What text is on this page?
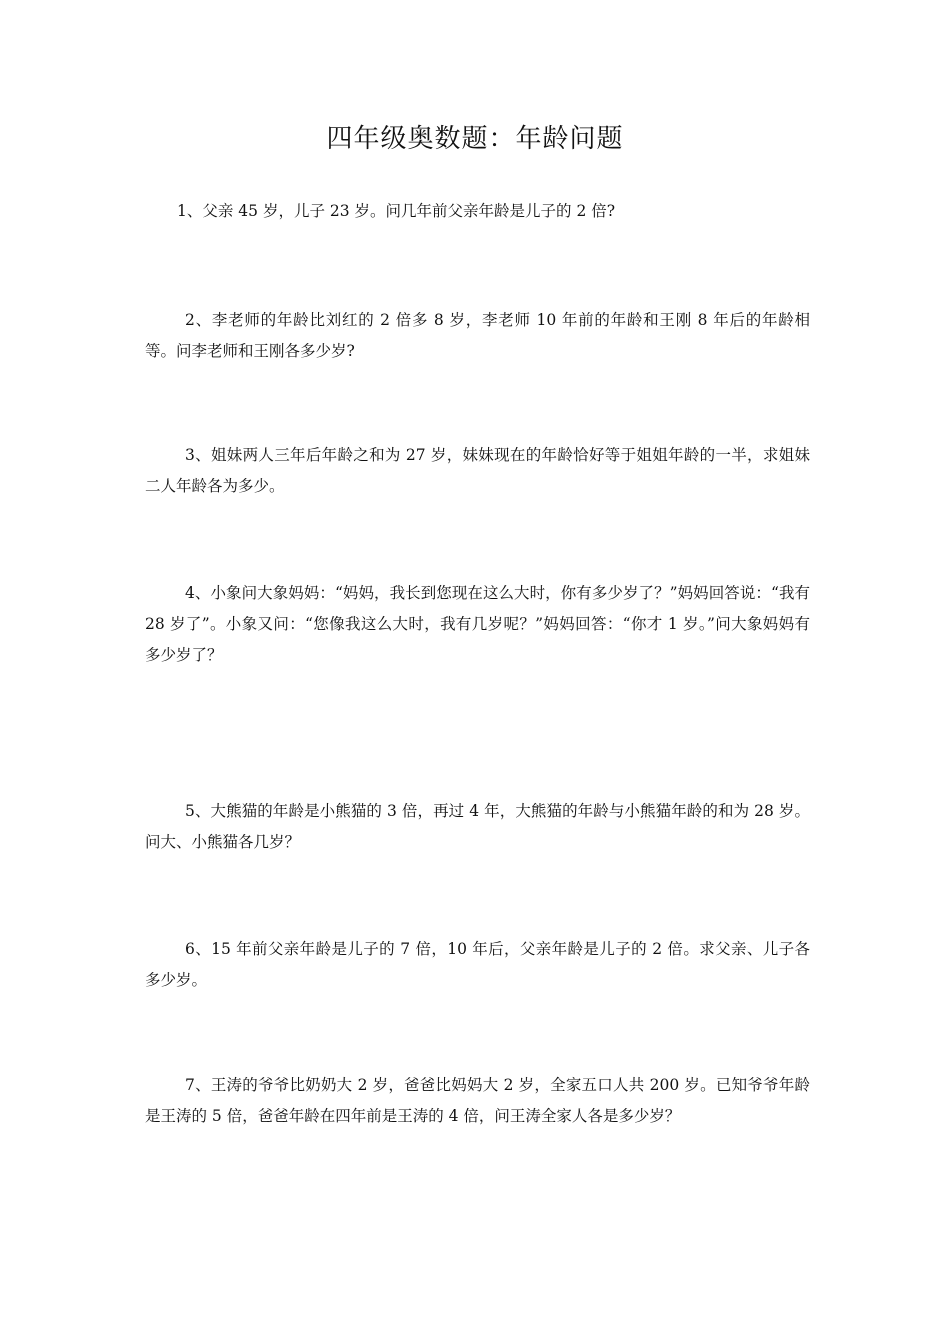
四年级奥数题：年龄问题

1、父亲 45 岁，儿子 23 岁。问几年前父亲年龄是儿子的 2 倍?

2、李老师的年龄比刘红的 2 倍多 8 岁，李老师 10 年前的年龄和王刚 8 年后的年龄相等。问李老师和王刚各多少岁?

3、姐妹两人三年后年龄之和为 27 岁，妹妹现在的年龄恰好等于姐姐年龄的一半，求姐妹二人年龄各为多少。

4、小象问大象妈妈：“妈妈，我长到您现在这么大时，你有多少岁了？”妈妈回答说：“我有 28 岁了”。小象又问：“您像我这么大时，我有几岁呢？”妈妈回答：“你才 1 岁。”问大象妈妈有多少岁了？

5、大熊猫的年龄是小熊猫的 3 倍，再过 4 年，大熊猫的年龄与小熊猫年龄的和为 28 岁。问大、小熊猫各几岁？

6、15 年前父亲年龄是儿子的 7 倍，10 年后，父亲年龄是儿子的 2 倍。求父亲、儿子各多少岁。

7、王涛的爷爷比奶奶大 2 岁，爸爸比妈妈大 2 岁，全家五口人共 200 岁。已知爷爷年龄是王涛的 5 倍，爸爸年龄在四年前是王涛的 4 倍，问王涛全家人各是多少岁？
